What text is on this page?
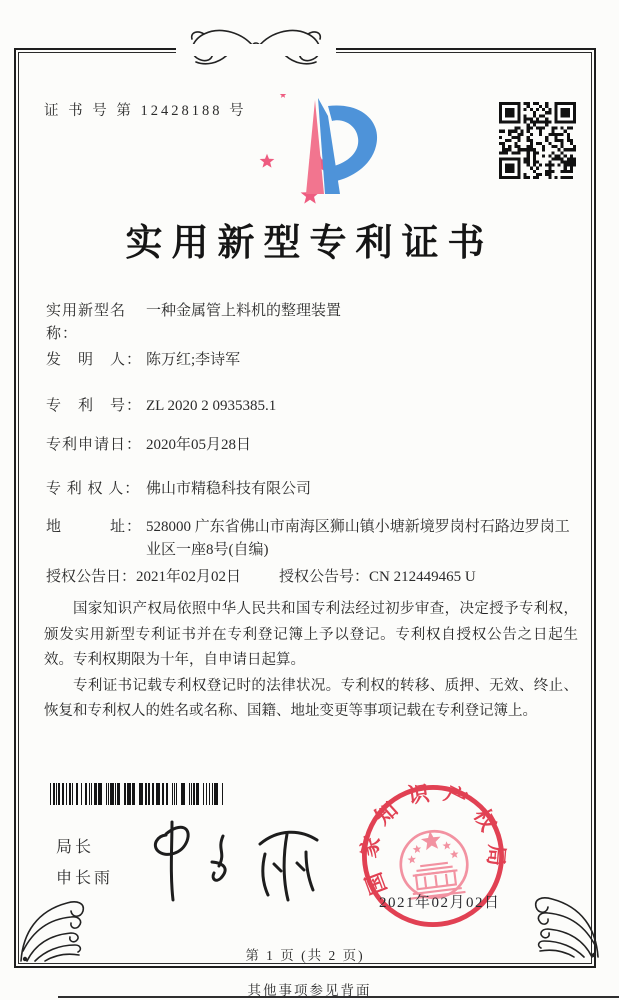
证 书 号 第 12428188 号
实用新型专利证书
实用新型名称：
一种金属管上料机的整理装置
发　明　人： 陈万红;李诗军
专　利　号： ZL 2020 2 0935385.1
专利申请日： 2020年05月28日
专 利 权 人： 佛山市精稳科技有限公司
地　　　址： 528000 广东省佛山市南海区狮山镇小塘新境罗岗村石路边罗岗工业区一座8号(自编)
授权公告日： 2021年02月02日	授权公告号： CN 212449465 U

国家知识产权局依照中华人民共和国专利法经过初步审查，决定授予专利权，颁发实用新型专利证书并在专利登记簿上予以登记。专利权自授权公告之日起生效。专利权期限为十年，自申请日起算。

专利证书记载专利权登记时的法律状况。专利权的转移、质押、无效、终止、恢复和专利权人的姓名或名称、国籍、地址变更等事项记载在专利登记簿上。

局长
申长雨	国家知识产权局
2021年02月02日
第 1 页 (共 2 页)
其他事项参见背面
